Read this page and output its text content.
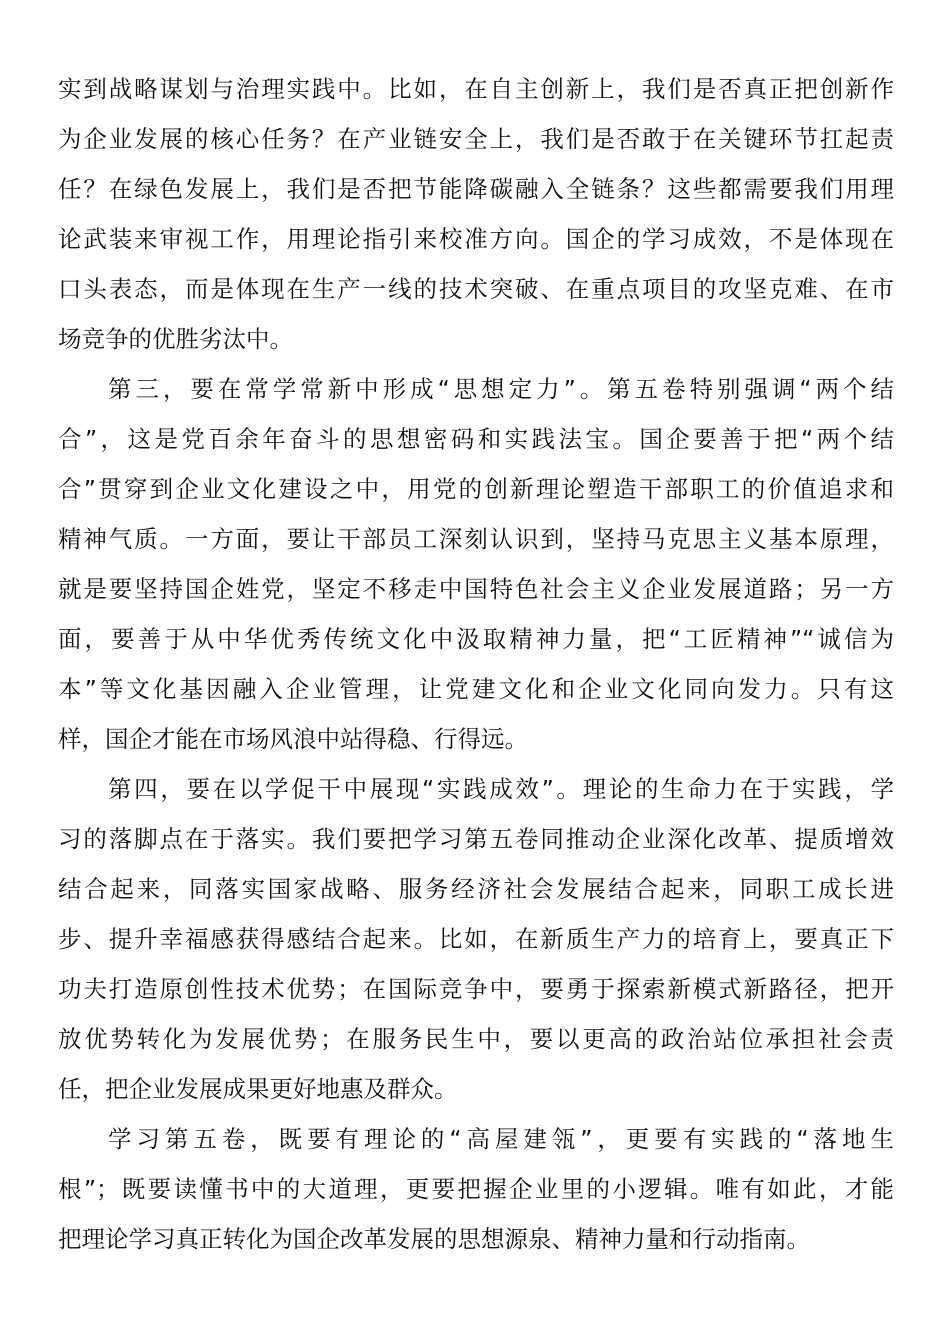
实到战略谋划与治理实践中。比如，在自主创新上，我们是否真正把创新作
为企业发展的核心任务？在产业链安全上，我们是否敢于在关键环节扛起责
任？在绿色发展上，我们是否把节能降碳融入全链条？这些都需要我们用理
论武装来审视工作，用理论指引来校准方向。国企的学习成效，不是体现在
口头表态，而是体现在生产一线的技术突破、在重点项目的攻坚克难、在市
场竞争的优胜劣汰中。
第三，要在常学常新中形成“思想定力”。第五卷特别强调“两个结
合”，这是党百余年奋斗的思想密码和实践法宝。国企要善于把“两个结
合”贯穿到企业文化建设之中，用党的创新理论塑造干部职工的价值追求和
精神气质。一方面，要让干部员工深刻认识到，坚持马克思主义基本原理，
就是要坚持国企姓党，坚定不移走中国特色社会主义企业发展道路；另一方
面，要善于从中华优秀传统文化中汲取精神力量，把“工匠精神”“诚信为
本”等文化基因融入企业管理，让党建文化和企业文化同向发力。只有这
样，国企才能在市场风浪中站得稳、行得远。
第四，要在以学促干中展现“实践成效”。理论的生命力在于实践，学
习的落脚点在于落实。我们要把学习第五卷同推动企业深化改革、提质增效
结合起来，同落实国家战略、服务经济社会发展结合起来，同职工成长进
步、提升幸福感获得感结合起来。比如，在新质生产力的培育上，要真正下
功夫打造原创性技术优势；在国际竞争中，要勇于探索新模式新路径，把开
放优势转化为发展优势；在服务民生中，要以更高的政治站位承担社会责
任，把企业发展成果更好地惠及群众。
学习第五卷，既要有理论的“高屋建瓴”，更要有实践的“落地生
根”；既要读懂书中的大道理，更要把握企业里的小逻辑。唯有如此，才能
把理论学习真正转化为国企改革发展的思想源泉、精神力量和行动指南。
